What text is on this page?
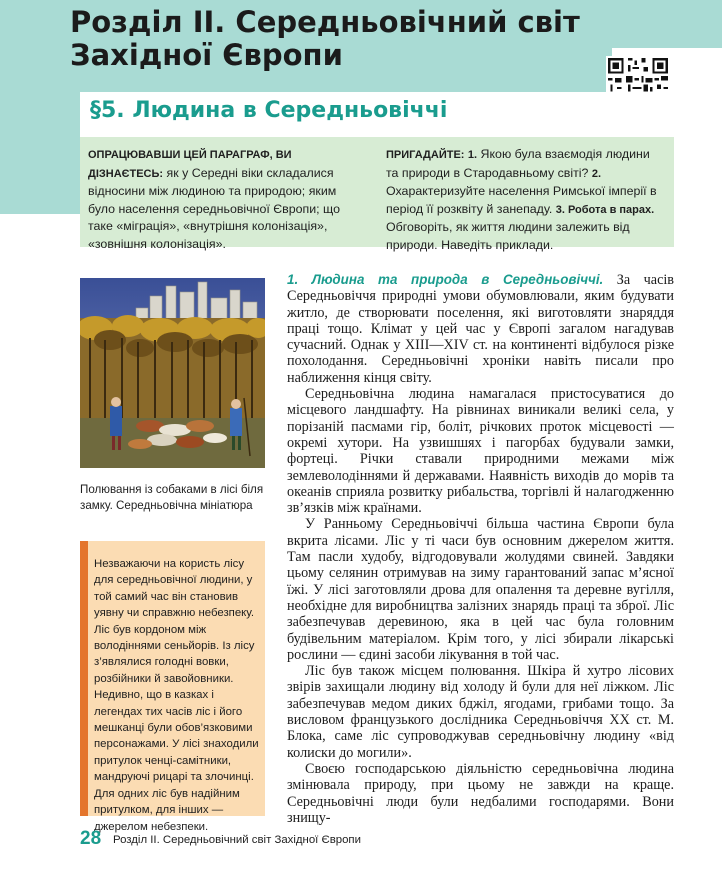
Розділ ІІ. Середньовічний світ Західної Європи
§5. Людина в Середньовіччі
ОПРАЦЮВАВШИ ЦЕЙ ПАРАГРАФ, ВИ ДІЗНАЄТЕСЬ: як у Середні віки складалися відносини між людиною та природою; яким було населення середньовічної Європи; що таке «міграція», «внутрішня колонізація», «зовнішня колонізація».
ПРИГАДАЙТЕ: 1. Якою була взаємодія людини та природи в Стародавньому світі? 2. Охарактеризуйте населення Римської імперії в період її розквіту й занепаду. 3. Робота в парах. Обговоріть, як життя людини залежить від природи. Наведіть приклади.
Полювання із собаками в лісі біля замку. Середньовічна мініатюра
Незважаючи на користь лісу для середньовічної людини, у той самий час він становив уявну чи справжню небезпеку. Ліс був кордоном між володіннями сеньйорів. Із лісу з’являлися голодні вовки, розбійники й завойовники. Недивно, що в казках і легендах тих часів ліс і його мешканці були обов’язковими персонажами. У лісі знаходили притулок ченці-самітники, мандруючі рицарі та злочинці. Для одних ліс був надійним притулком, для інших — джерелом небезпеки.

1. Людина та природа в Середньовіччі. За часів Середньовіччя природні умови обумовлювали, яким будувати житло, де створювати поселення, які виготовляти знаряддя праці тощо. Клімат у цей час у Європі загалом нагадував сучасний. Однак у XIII—XIV ст. на континенті відбулося різке похолодання. Середньовічні хроніки навіть писали про наближення кінця світу.

Середньовічна людина намагалася пристосуватися до місцевого ландшафту. На рівнинах виникали великі села, у порізаній пасмами гір, боліт, річкових проток місцевості — окремі хутори. На узвишшях і пагорбах будували замки, фортеці. Річки ставали природними межами між землеволодіннями й державами. Наявність виходів до морів та океанів сприяла розвитку рибальства, торгівлі й налагодженню зв’язків між країнами.

У Ранньому Середньовіччі більша частина Європи була вкрита лісами. Ліс у ті часи був основним джерелом життя. Там пасли худобу, відгодовували жолудями свиней. Завдяки цьому селянин отримував на зиму гарантований запас м’ясної їжі. У лісі заготовляли дрова для опалення та деревне вугілля, необхідне для виробництва залізних знарядь праці та зброї. Ліс забезпечував деревиною, яка в цей час була головним будівельним матеріалом. Крім того, у лісі збирали лікарські рослини — єдині засоби лікування в той час.

Ліс був також місцем полювання. Шкіра й хутро лісових звірів захищали людину від холоду й були для неї ліжком. Ліс забезпечував медом диких бджіл, ягодами, грибами тощо. За висловом французького дослідника Середньовіччя XX ст. М. Блока, саме ліс супроводжував середньовічну людину «від колиски до могили».

Своєю господарською діяльністю середньовічна людина змінювала природу, при цьому не завжди на краще. Середньовічні люди були недбалими господарями. Вони знищу-

28 Розділ ІІ. Середньовічний світ Західної Європи
